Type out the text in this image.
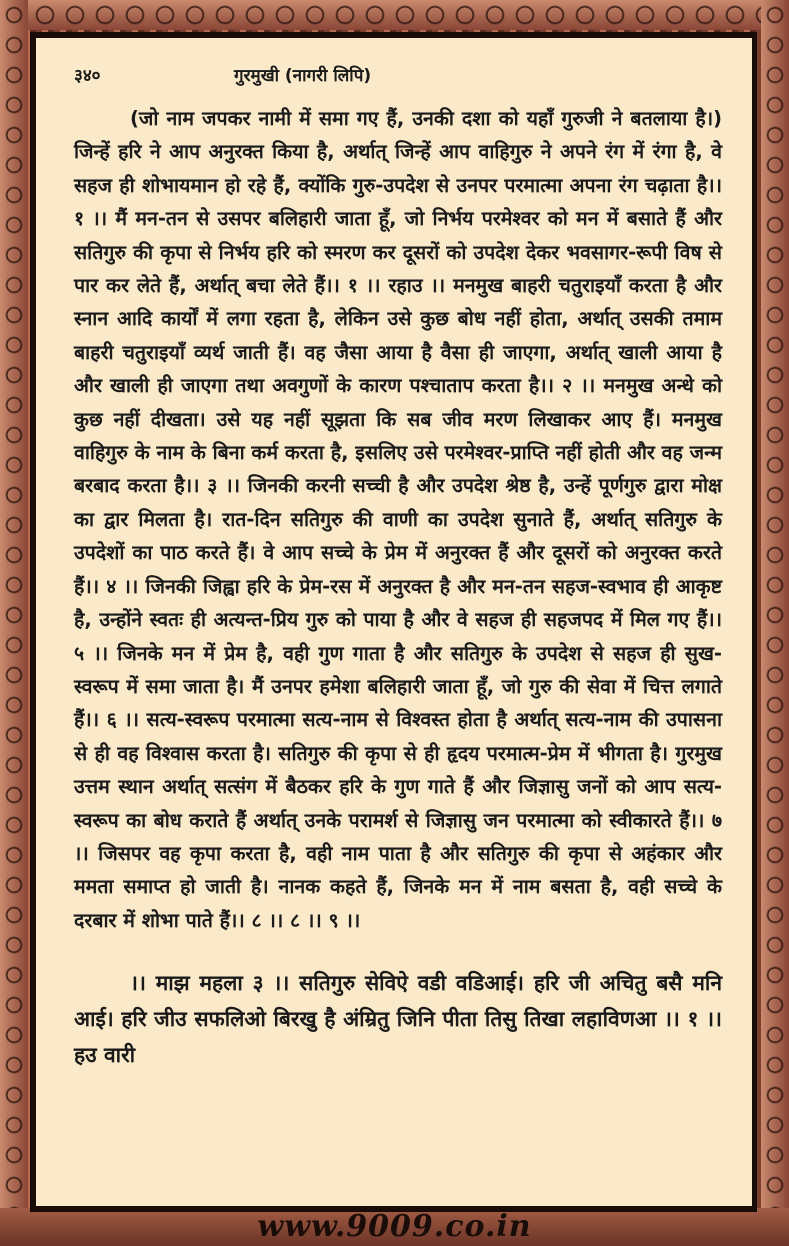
३४०	गुरमुखी (नागरी लिपि)
(जो नाम जपकर नामी में समा गए हैं, उनकी दशा को यहाँ गुरुजी ने बतलाया है।) जिन्हें हरि ने आप अनुरक्त किया है, अर्थात् जिन्हें आप वाहिगुरु ने अपने रंग में रंगा है, वे सहज ही शोभायमान हो रहे हैं, क्योंकि गुरु-उपदेश से उनपर परमात्मा अपना रंग चढ़ाता है।। १ ।। मैं मन-तन से उसपर बलिहारी जाता हूँ, जो निर्भय परमेश्वर को मन में बसाते हैं और सतिगुरु की कृपा से निर्भय हरि को स्मरण कर दूसरों को उपदेश देकर भवसागर-रूपी विष से पार कर लेते हैं, अर्थात् बचा लेते हैं।। १ ।। रहाउ ।। मनमुख बाहरी चतुराइयाँ करता है और स्नान आदि कार्यों में लगा रहता है, लेकिन उसे कुछ बोध नहीं होता, अर्थात् उसकी तमाम बाहरी चतुराइयाँ व्यर्थ जाती हैं। वह जैसा आया है वैसा ही जाएगा, अर्थात् खाली आया है और खाली ही जाएगा तथा अवगुणों के कारण पश्चाताप करता है।। २ ।। मनमुख अन्धे को कुछ नहीं दीखता। उसे यह नहीं सूझता कि सब जीव मरण लिखाकर आए हैं। मनमुख वाहिगुरु के नाम के बिना कर्म करता है, इसलिए उसे परमेश्वर-प्राप्ति नहीं होती और वह जन्म बरबाद करता है।। ३ ।। जिनकी करनी सच्ची है और उपदेश श्रेष्ठ है, उन्हें पूर्णगुरु द्वारा मोक्ष का द्वार मिलता है। रात-दिन सतिगुरु की वाणी का उपदेश सुनाते हैं, अर्थात् सतिगुरु के उपदेशों का पाठ करते हैं। वे आप सच्चे के प्रेम में अनुरक्त हैं और दूसरों को अनुरक्त करते हैं।। ४ ।। जिनकी जिह्वा हरि के प्रेम-रस में अनुरक्त है और मन-तन सहज-स्वभाव ही आकृष्ट है, उन्होंने स्वतः ही अत्यन्त-प्रिय गुरु को पाया है और वे सहज ही सहजपद में मिल गए हैं।। ५ ।। जिनके मन में प्रेम है, वही गुण गाता है और सतिगुरु के उपदेश से सहज ही सुख-स्वरूप में समा जाता है। मैं उनपर हमेशा बलिहारी जाता हूँ, जो गुरु की सेवा में चित्त लगाते हैं।। ६ ।। सत्य-स्वरूप परमात्मा सत्य-नाम से विश्वस्त होता है अर्थात् सत्य-नाम की उपासना से ही वह विश्वास करता है। सतिगुरु की कृपा से ही हृदय परमात्म-प्रेम में भीगता है। गुरमुख उत्तम स्थान अर्थात् सत्संग में बैठकर हरि के गुण गाते हैं और जिज्ञासु जनों को आप सत्य-स्वरूप का बोध कराते हैं अर्थात् उनके परामर्श से जिज्ञासु जन परमात्मा को स्वीकारते हैं।। ७ ।। जिसपर वह कृपा करता है, वही नाम पाता है और सतिगुरु की कृपा से अहंकार और ममता समाप्त हो जाती है। नानक कहते हैं, जिनके मन में नाम बसता है, वही सच्चे के दरबार में शोभा पाते हैं।। ८ ।। ८ ।। ९ ।।
।। माझ महला ३ ।। सतिगुरु सेविऐ वडी वडिआई। हरि जी अचितु बसै मनि आई। हरि जीउ सफलिओ बिरखु है अंम्रितु जिनि पीता तिसु तिखा लहाविणआ ।। १ ।। हउ वारी
www.9009.co.in
